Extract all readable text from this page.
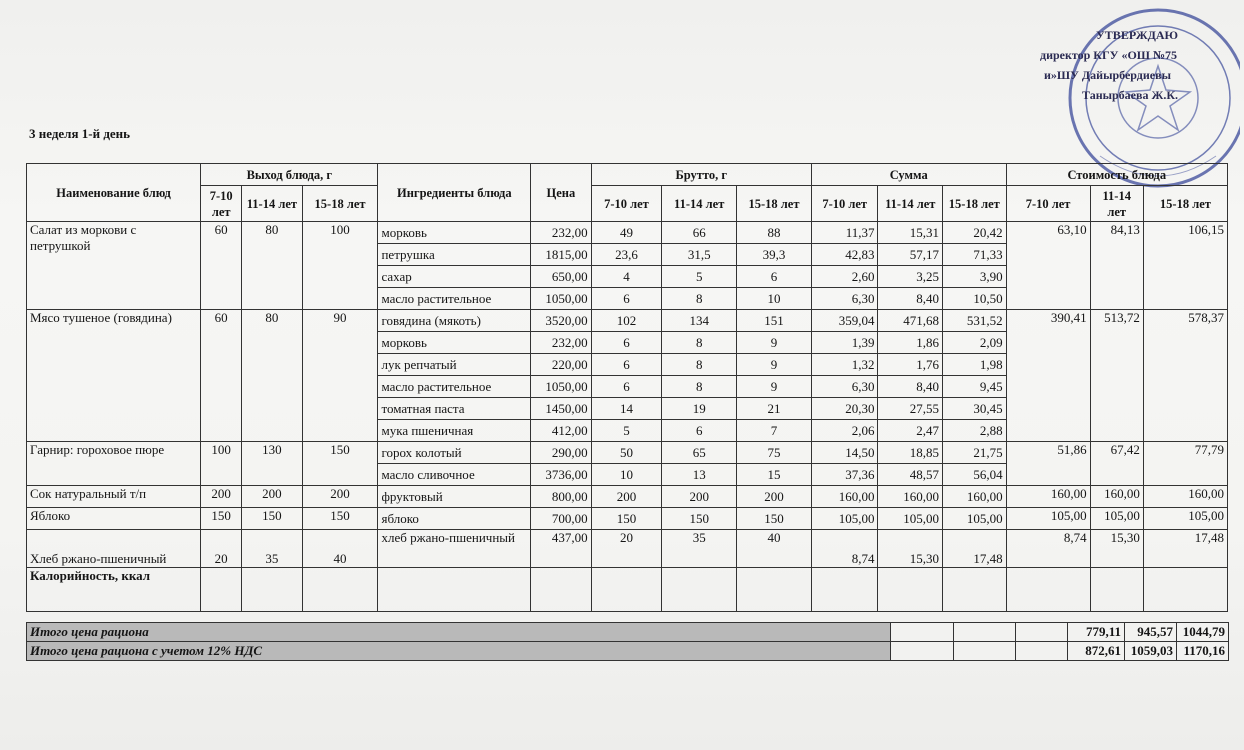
3 неделя 1-й день
УТВЕРЖДАЮ
директор КГУ «ОШ №75
и»ШУ Дайырбердиевы
Танырбаева Ж.К.
Наименование блюд	Выход блюда, г			Ингредиенты блюда	Цена	Брутто, г			Сумма			Стоимость блюда		
	7-10 лет	11-14 лет	15-18 лет			7-10 лет	11-14 лет	15-18 лет	7-10 лет	11-14 лет	15-18 лет	7-10 лет	11-14 лет	15-18 лет
Салат из моркови с петрушкой	60	80	100	морковь	232,00	49	66	88	11,37	15,31	20,42	63,10	84,13	106,15
				петрушка	1815,00	23,6	31,5	39,3	42,83	57,17	71,33			
				сахар	650,00	4	5	6	2,60	3,25	3,90			
				масло растительное	1050,00	6	8	10	6,30	8,40	10,50			
Мясо тушеное (говядина)	60	80	90	говядина (мякоть)	3520,00	102	134	151	359,04	471,68	531,52	390,41	513,72	578,37
				морковь	232,00	6	8	9	1,39	1,86	2,09			
				лук репчатый	220,00	6	8	9	1,32	1,76	1,98			
				масло растительное	1050,00	6	8	9	6,30	8,40	9,45			
				томатная паста	1450,00	14	19	21	20,30	27,55	30,45			
				мука пшеничная	412,00	5	6	7	2,06	2,47	2,88			
Гарнир: гороховое пюре	100	130	150	горох колотый	290,00	50	65	75	14,50	18,85	21,75	51,86	67,42	77,79
				масло сливочное	3736,00	10	13	15	37,36	48,57	56,04			
Сок натуральный т/п	200	200	200	фруктовый	800,00	200	200	200	160,00	160,00	160,00	160,00	160,00	160,00
Яблоко	150	150	150	яблоко	700,00	150	150	150	105,00	105,00	105,00	105,00	105,00	105,00
Хлеб ржано-пшеничный	20	35	40	хлеб ржано-пшеничный	437,00	20	35	40	8,74	15,30	17,48	8,74	15,30	17,48
Калорийность, ккал														
Итого цена рациона				779,11	945,57	1044,79
Итого цена рациона с учетом 12% НДС				872,61	1059,03	1170,16
